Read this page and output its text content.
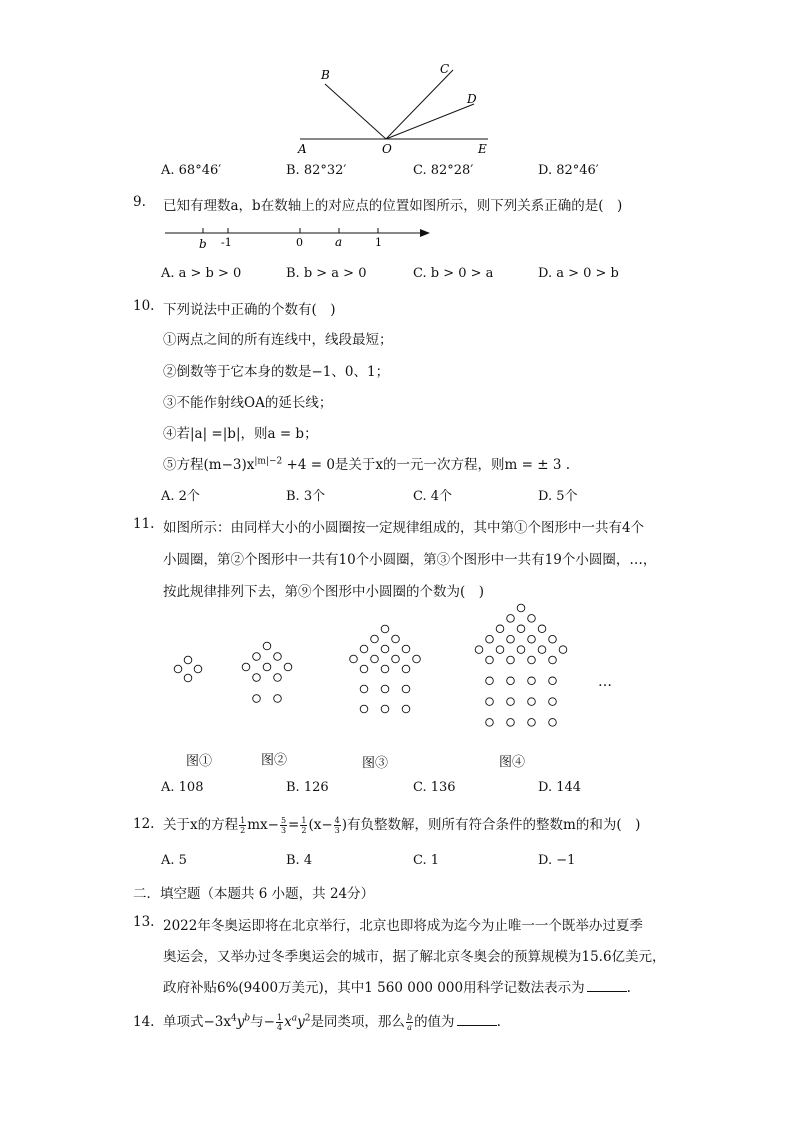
B	C
D
A	O	E
A. 68°46′	B. 82°32′	C. 82°28′	D. 82°46′
9. 已知有理数a，b在数轴上的对应点的位置如图所示，则下列关系正确的是(　)
b -1	0	a	1
A. a > b > 0	B. b > a > 0	C. b > 0 > a	D. a > 0 > b
10. 下列说法中正确的个数有(　)
①两点之间的所有连线中，线段最短；
②倒数等于它本身的数是−1、0、1；
③不能作射线OA的延长线；
④若|a| =|b|，则a = b；
⑤方程$(m-3)x^{|m|-2} +4 = 0$是关于x的一元一次方程，则m = ± 3 .
A. 2个	B. 3个	C. 4个	D. 5个
11. 如图所示：由同样大小的小圆圈按一定规律组成的，其中第①个图形中一共有4个
小圆圈，第②个图形中一共有10个小圆圈，第③个图形中一共有19个小圆圈，…，
按此规律排列下去，第⑨个图形中小圆圈的个数为(　)
图①	图②	图③	图④
…
A. 108	B. 126	C. 136	D. 144
12. 关于x的方程 $\frac{1}{2} mx- \frac{5}{3} = \frac{1}{2} (x- \frac{4}{3}$ )有负整数解，则所有符合条件的整数m的和为(　)
A. 5	B. 4	C. 1	D. −1
二．填空题（本题共 6 小题，共 24分）
13. 2022年冬奥运即将在北京举行，北京也即将成为迄今为止唯一一个既举办过夏季
奥运会，又举办过冬季奥运会的城市，据了解北京冬奥会的预算规模为15.6亿美元，
政府补贴6%(9400万美元)，其中1 560 000 000用科学记数法表示为	.
14. 单项式$-3x^4y^b$与− $\frac{1}{4} x^ay^2$是同类项，那么 $\frac{b}{a}$ 的值为	.
